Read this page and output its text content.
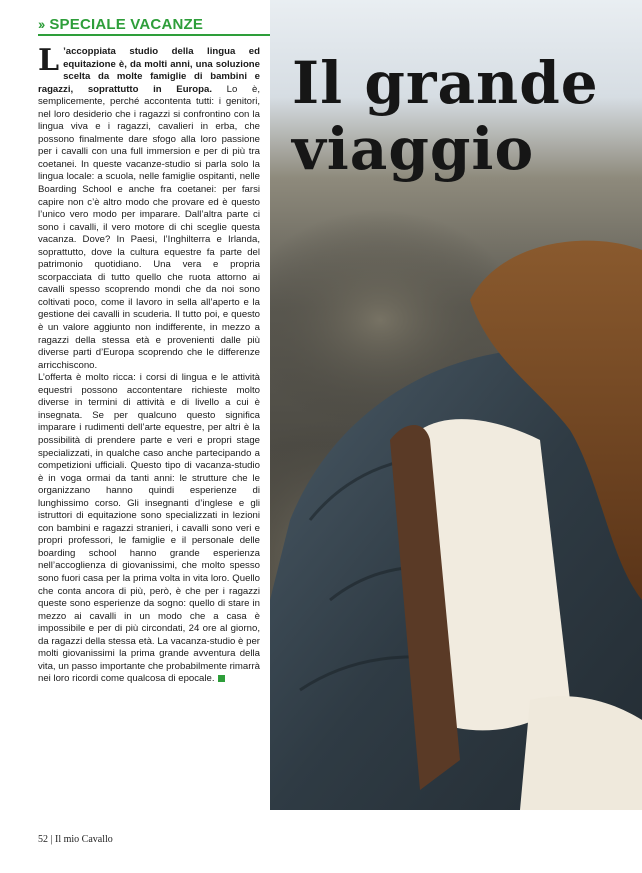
›› SPECIALE VACANZE

L ’accoppiata studio della lingua ed equitazione è, da molti anni, una soluzione scelta da molte famiglie di bambini e ragazzi, soprattutto in Europa. Lo è, semplicemente, perché accontenta tutti: i genitori, nel loro desiderio che i ragazzi si confrontino con la lingua viva e i ragazzi, cavalieri in erba, che possono finalmente dare sfogo alla loro passione per i cavalli con una full immersion e per di più tra coetanei. In queste vacanze-studio si parla solo la lingua locale: a scuola, nelle famiglie ospitanti, nelle Boarding School e anche fra coetanei: per farsi capire non c’è altro modo che provare ed è questo l’unico vero modo per imparare. Dall’altra parte ci sono i cavalli, il vero motore di chi sceglie questa vacanza. Dove? In Paesi, l’Inghilterra e Irlanda, soprattutto, dove la cultura equestre fa parte del patrimonio quotidiano. Una vera e propria scorpacciata di tutto quello che ruota attorno ai cavalli spesso scoprendo mondi che da noi sono coltivati poco, come il lavoro in sella all’aperto e la gestione dei cavalli in scuderia. Il tutto poi, e questo è un valore aggiunto non indifferente, in mezzo a ragazzi della stessa età e provenienti dalle più diverse parti d’Europa scoprendo che le differenze arricchiscono.

L’offerta è molto ricca: i corsi di lingua e le attività equestri possono accontentare richieste molto diverse in termini di attività e di livello a cui è insegnata. Se per qualcuno questo significa imparare i rudimenti dell’arte equestre, per altri è la possibilità di prendere parte e veri e propri stage specializzati, in qualche caso anche partecipando a competizioni ufficiali. Questo tipo di vacanza-studio è in voga ormai da tanti anni: le strutture che le organizzano hanno quindi esperienze di lunghissimo corso. Gli insegnanti d’inglese e gli istruttori di equitazione sono specializzati in lezioni con bambini e ragazzi stranieri, i cavalli sono veri e propri professori, le famiglie e il personale delle boarding school hanno grande esperienza nell’accoglienza di giovanissimi, che molto spesso sono fuori casa per la prima volta in vita loro. Quello che conta ancora di più, però, è che per i ragazzi queste sono esperienze da sogno: quello di stare in mezzo ai cavalli in un modo che a casa è impossibile e per di più circondati, 24 ore al giorno, da ragazzi della stessa età. La vacanza-studio è per molti giovanissimi la prima grande avventura della vita, un passo importante che probabilmente rimarrà nei loro ricordi come qualcosa di epocale.

Il grande
viaggio
52 | Il mio Cavallo
